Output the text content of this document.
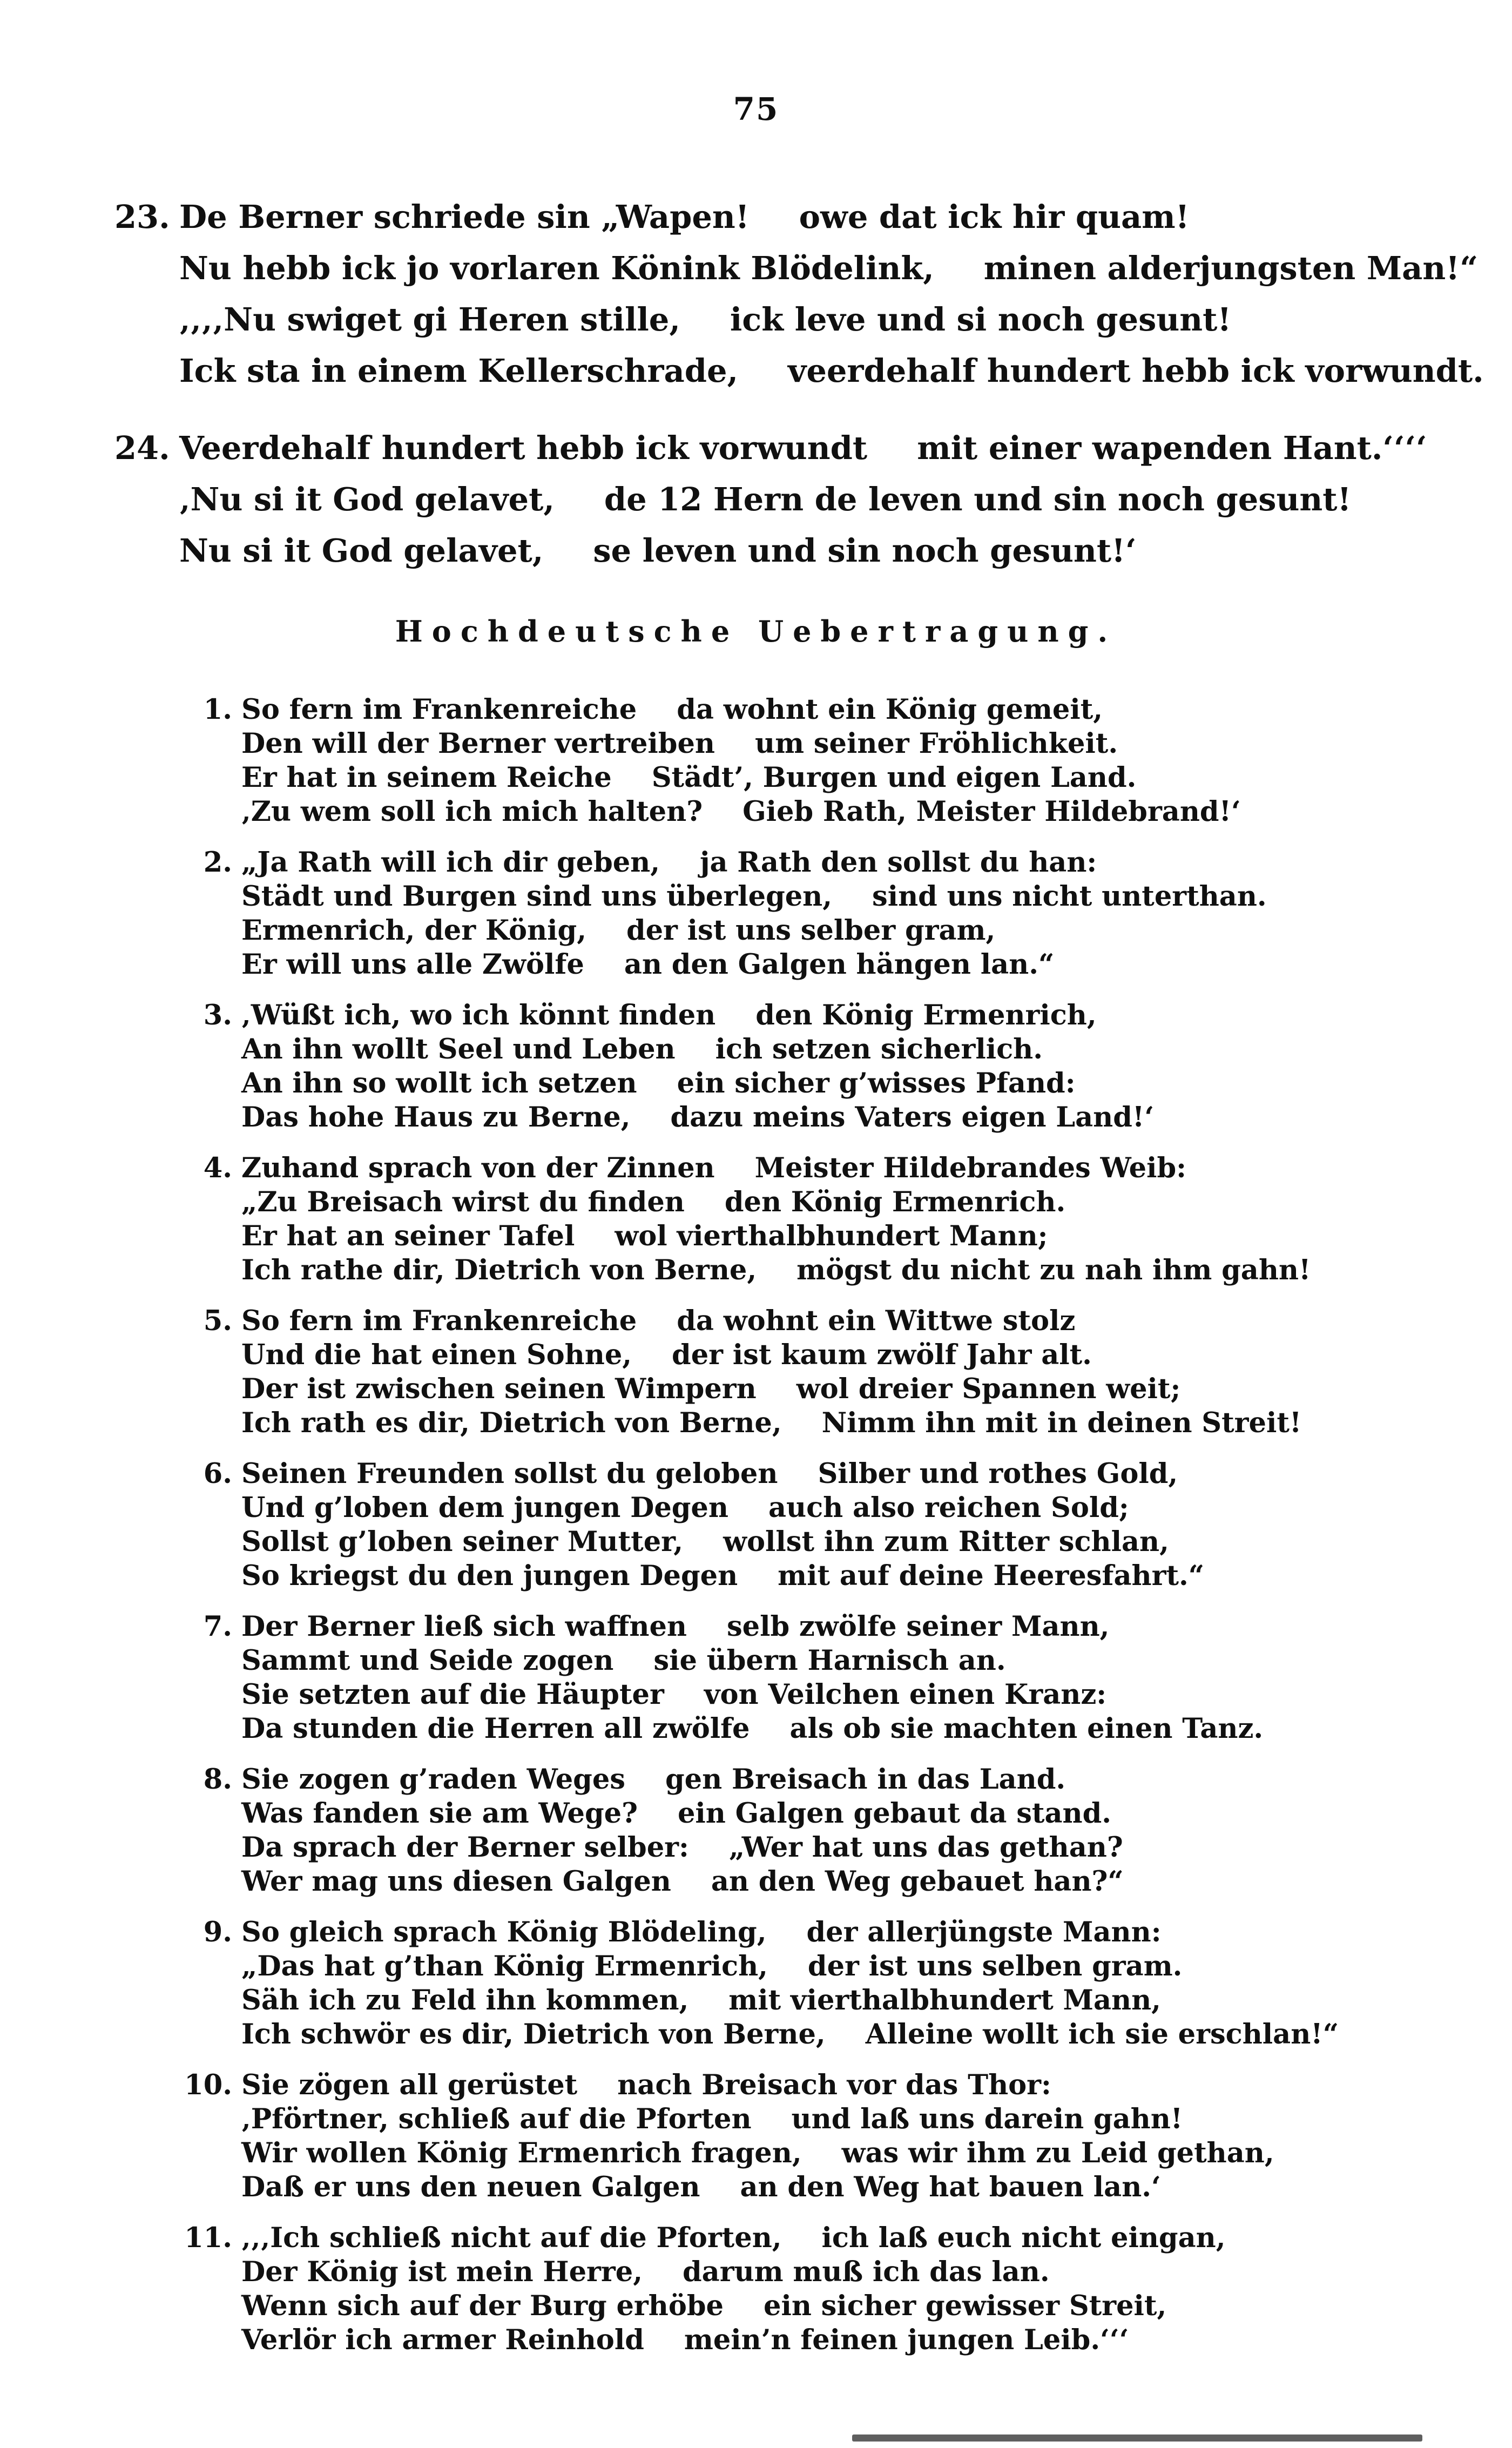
75
23. De Berner schriede sin „Wapen! owe dat ick hir quam!
Nu hebb ick jo vorlaren Könink Blödelink, minen alderjungsten Man!“
‚‚‚‚Nu swiget gi Heren stille, ick leve und si noch gesunt!
Ick sta in einem Kellerschrade, veerdehalf hundert hebb ick vorwundt.
24. Veerdehalf hundert hebb ick vorwundt mit einer wapenden Hant.‘‘‘‘
‚Nu si it God gelavet, de 12 Hern de leven und sin noch gesunt!
Nu si it God gelavet, se leven und sin noch gesunt!‘
Hochdeutsche Uebertragung.
1. So fern im Frankenreiche da wohnt ein König gemeit,
Den will der Berner vertreiben um seiner Fröhlichkeit.
Er hat in seinem Reiche Städt’, Burgen und eigen Land.
‚Zu wem soll ich mich halten? Gieb Rath, Meister Hildebrand!‘
2. „Ja Rath will ich dir geben, ja Rath den sollst du han:
Städt und Burgen sind uns überlegen, sind uns nicht unterthan.
Ermenrich, der König, der ist uns selber gram,
Er will uns alle Zwölfe an den Galgen hängen lan.“
3. ‚Wüßt ich, wo ich könnt finden den König Ermenrich,
An ihn wollt Seel und Leben ich setzen sicherlich.
An ihn so wollt ich setzen ein sicher g’wisses Pfand:
Das hohe Haus zu Berne, dazu meins Vaters eigen Land!‘
4. Zuhand sprach von der Zinnen Meister Hildebrandes Weib:
„Zu Breisach wirst du finden den König Ermenrich.
Er hat an seiner Tafel wol vierthalbhundert Mann;
Ich rathe dir, Dietrich von Berne, mögst du nicht zu nah ihm gahn!
5. So fern im Frankenreiche da wohnt ein Wittwe stolz
Und die hat einen Sohne, der ist kaum zwölf Jahr alt.
Der ist zwischen seinen Wimpern wol dreier Spannen weit;
Ich rath es dir, Dietrich von Berne, Nimm ihn mit in deinen Streit!
6. Seinen Freunden sollst du geloben Silber und rothes Gold,
Und g’loben dem jungen Degen auch also reichen Sold;
Sollst g’loben seiner Mutter, wollst ihn zum Ritter schlan,
So kriegst du den jungen Degen mit auf deine Heeresfahrt.“
7. Der Berner ließ sich waffnen selb zwölfe seiner Mann,
Sammt und Seide zogen sie übern Harnisch an.
Sie setzten auf die Häupter von Veilchen einen Kranz:
Da stunden die Herren all zwölfe als ob sie machten einen Tanz.
8. Sie zogen g’raden Weges gen Breisach in das Land.
Was fanden sie am Wege? ein Galgen gebaut da stand.
Da sprach der Berner selber: „Wer hat uns das gethan?
Wer mag uns diesen Galgen an den Weg gebauet han?“
9. So gleich sprach König Blödeling, der allerjüngste Mann:
„Das hat g’than König Ermenrich, der ist uns selben gram.
Säh ich zu Feld ihn kommen, mit vierthalbhundert Mann,
Ich schwör es dir, Dietrich von Berne, Alleine wollt ich sie erschlan!“
10. Sie zögen all gerüstet nach Breisach vor das Thor:
‚Pförtner, schließ auf die Pforten und laß uns darein gahn!
Wir wollen König Ermenrich fragen, was wir ihm zu Leid gethan,
Daß er uns den neuen Galgen an den Weg hat bauen lan.‘
11. ‚‚‚Ich schließ nicht auf die Pforten, ich laß euch nicht eingan,
Der König ist mein Herre, darum muß ich das lan.
Wenn sich auf der Burg erhöbe ein sicher gewisser Streit,
Verlör ich armer Reinhold mein’n feinen jungen Leib.‘‘‘
